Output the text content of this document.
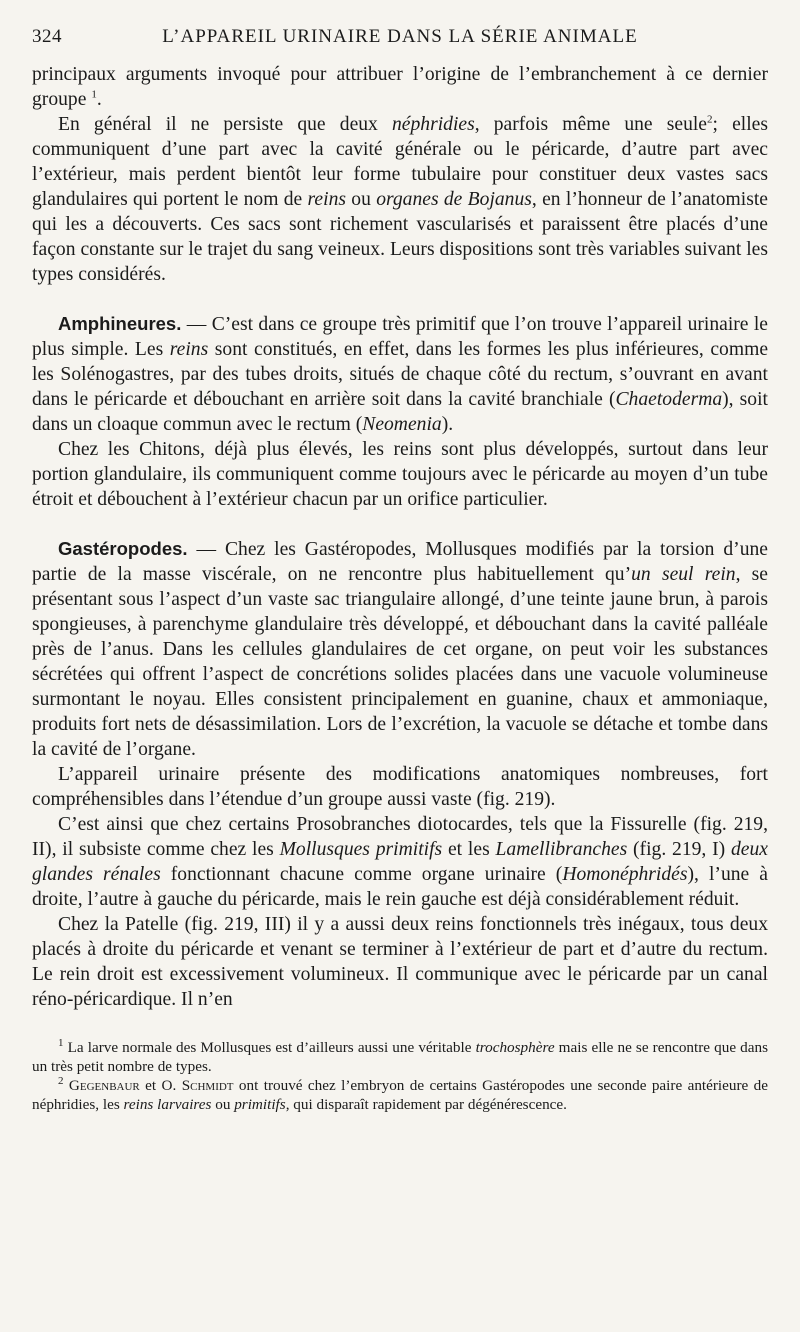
324	L’APPAREIL URINAIRE DANS LA SÉRIE ANIMALE

principaux arguments invoqué pour attribuer l’origine de l’embranchement à ce dernier groupe $^1$.

En général il ne persiste que deux néphridies, parfois même une seule$^2$; elles communiquent d’une part avec la cavité générale ou le péricarde, d’autre part avec l’extérieur, mais perdent bientôt leur forme tubulaire pour constituer deux vastes sacs glandulaires qui portent le nom de reins ou organes de Bojanus, en l’honneur de l’anatomiste qui les a découverts. Ces sacs sont richement vascularisés et paraissent être placés d’une façon constante sur le trajet du sang veineux. Leurs dispositions sont très variables suivant les types considérés.

Amphineures. — C’est dans ce groupe très primitif que l’on trouve l’appareil urinaire le plus simple. Les reins sont constitués, en effet, dans les formes les plus inférieures, comme les Solénogastres, par des tubes droits, situés de chaque côté du rectum, s’ouvrant en avant dans le péricarde et débouchant en arrière soit dans la cavité branchiale (Chaetoderma), soit dans un cloaque commun avec le rectum (Neomenia).

Chez les Chitons, déjà plus élevés, les reins sont plus développés, surtout dans leur portion glandulaire, ils communiquent comme toujours avec le péricarde au moyen d’un tube étroit et débouchent à l’extérieur chacun par un orifice particulier.

Gastéropodes. — Chez les Gastéropodes, Mollusques modifiés par la torsion d’une partie de la masse viscérale, on ne rencontre plus habituellement qu’un seul rein, se présentant sous l’aspect d’un vaste sac triangulaire allongé, d’une teinte jaune brun, à parois spongieuses, à parenchyme glandulaire très développé, et débouchant dans la cavité palléale près de l’anus. Dans les cellules glandulaires de cet organe, on peut voir les substances sécrétées qui offrent l’aspect de concrétions solides placées dans une vacuole volumineuse surmontant le noyau. Elles consistent principalement en guanine, chaux et ammoniaque, produits fort nets de désassimilation. Lors de l’excrétion, la vacuole se détache et tombe dans la cavité de l’organe.

L’appareil urinaire présente des modifications anatomiques nombreuses, fort compréhensibles dans l’étendue d’un groupe aussi vaste (fig. 219).

C’est ainsi que chez certains Prosobranches diotocardes, tels que la Fissurelle (fig. 219, II), il subsiste comme chez les Mollusques primitifs et les Lamellibranches (fig. 219, I) deux glandes rénales fonctionnant chacune comme organe urinaire (Homonéphridés), l’une à droite, l’autre à gauche du péricarde, mais le rein gauche est déjà considérablement réduit.

Chez la Patelle (fig. 219, III) il y a aussi deux reins fonctionnels très inégaux, tous deux placés à droite du péricarde et venant se terminer à l’extérieur de part et d’autre du rectum. Le rein droit est excessivement volumineux. Il communique avec le péricarde par un canal réno-péricardique. Il n’en

$^1$ La larve normale des Mollusques est d’ailleurs aussi une véritable trochosphère mais elle ne se rencontre que dans un très petit nombre de types.

$^2$ Gegenbaur et O. Schmidt ont trouvé chez l’embryon de certains Gastéropodes une seconde paire antérieure de néphridies, les reins larvaires ou primitifs, qui disparaît rapidement par dégénérescence.
